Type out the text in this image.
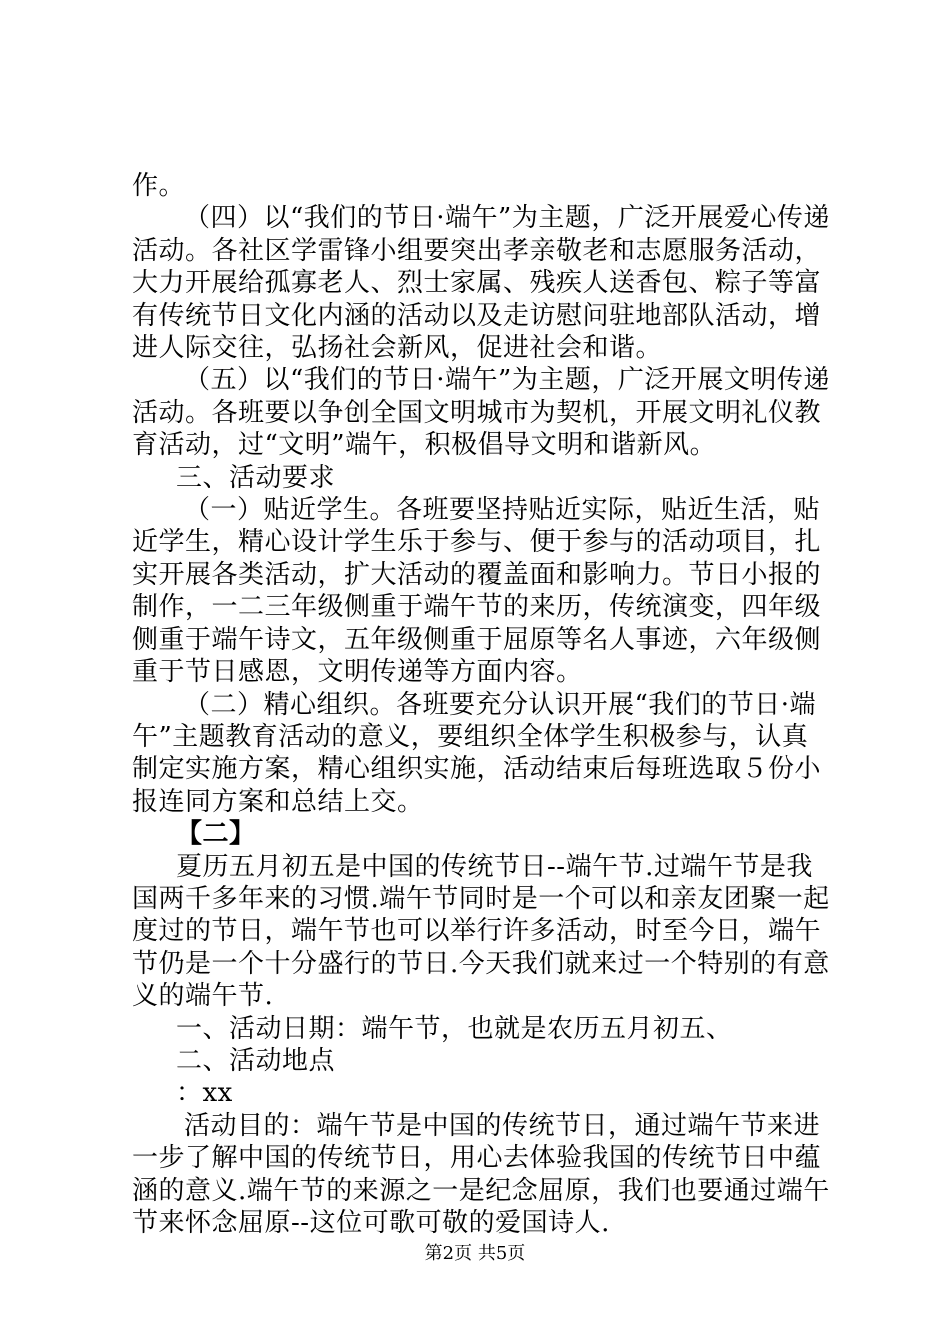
作。

（四）以“我们的节日·端午”为主题，广泛开展爱心传递活动。各社区学雷锋小组要突出孝亲敬老和志愿服务活动，大力开展给孤寡老人、烈士家属、残疾人送香包、粽子等富有传统节日文化内涵的活动以及走访慰问驻地部队活动，增进人际交往，弘扬社会新风，促进社会和谐。

（五）以“我们的节日·端午”为主题，广泛开展文明传递活动。各班要以争创全国文明城市为契机，开展文明礼仪教育活动，过“文明”端午，积极倡导文明和谐新风。

三、活动要求

（一）贴近学生。各班要坚持贴近实际，贴近生活，贴近学生，精心设计学生乐于参与、便于参与的活动项目，扎实开展各类活动，扩大活动的覆盖面和影响力。节日小报的制作，一二三年级侧重于端午节的来历，传统演变，四年级侧重于端午诗文，五年级侧重于屈原等名人事迹，六年级侧重于节日感恩，文明传递等方面内容。

（二）精心组织。各班要充分认识开展“我们的节日·端午”主题教育活动的意义，要组织全体学生积极参与，认真制定实施方案，精心组织实施，活动结束后每班选取５份小报连同方案和总结上交。

【二】

夏历五月初五是中国的传统节日--端午节.过端午节是我国两千多年来的习惯.端午节同时是一个可以和亲友团聚一起度过的节日，端午节也可以举行许多活动，时至今日，端午节仍是一个十分盛行的节日.今天我们就来过一个特别的有意义的端午节.

一、活动日期：端午节，也就是农历五月初五、

二、活动地点

：xx

活动目的：端午节是中国的传统节日，通过端午节来进一步了解中国的传统节日，用心去体验我国的传统节日中蕴涵的意义.端午节的来源之一是纪念屈原，我们也要通过端午节来怀念屈原--这位可歌可敬的爱国诗人.

第2页 共5页
